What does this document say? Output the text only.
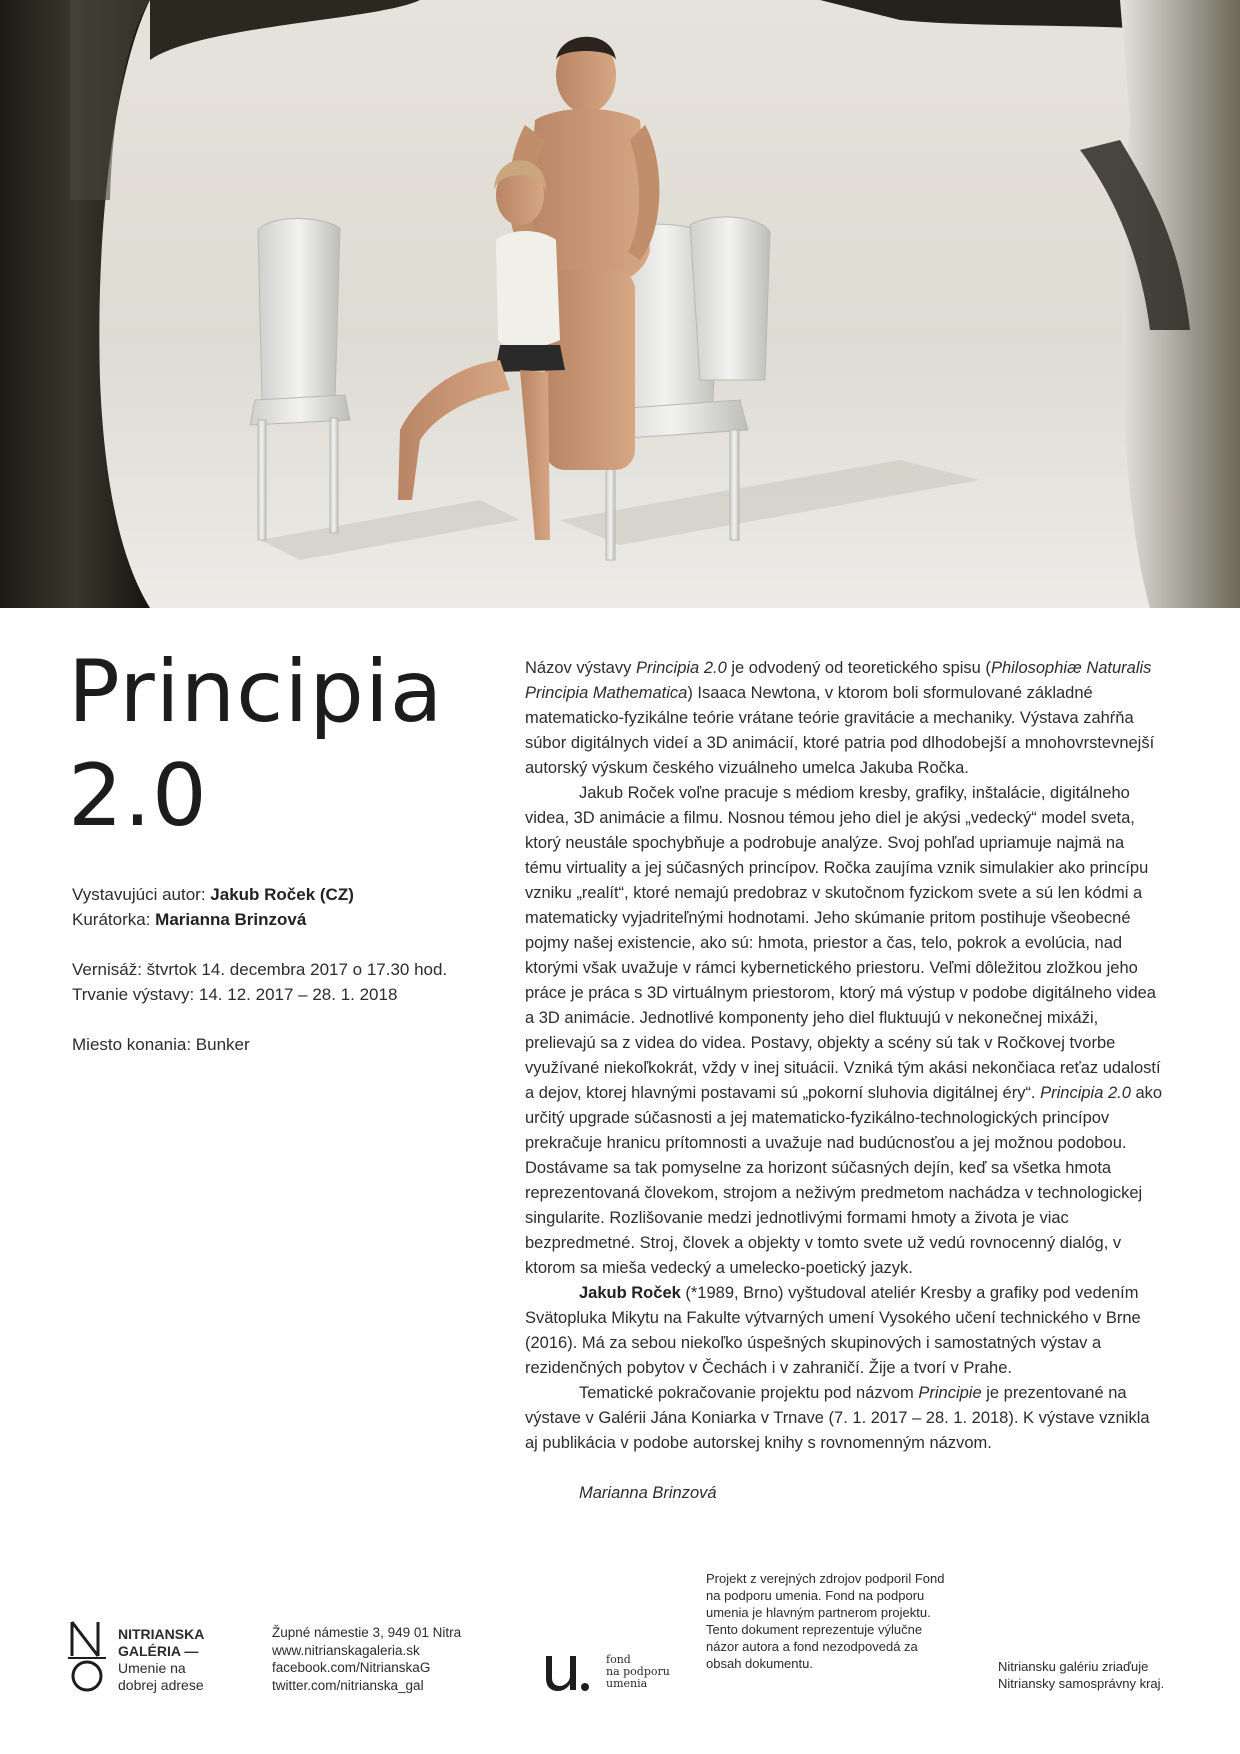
Principia
2.0

Vystavujúci autor: Jakub Roček (CZ)

Kurátorka: Marianna Brinzová

Vernisáž: štvrtok 14. decembra 2017 o 17.30 hod.

Trvanie výstavy: 14. 12. 2017 – 28. 1. 2018

Miesto konania: Bunker

Názov výstavy Principia 2.0 je odvodený od teoretického spisu (Philosophiæ Naturalis Principia Mathematica) Isaaca Newtona, v ktorom boli sformulované základné matematicko-fyzikálne teórie vrátane teórie gravitácie a mechaniky. Výstava zahŕňa súbor digitálnych videí a 3D animácií, ktoré patria pod dlhodobejší a mnohovrstevnejší autorský výskum českého vizuálneho umelca Jakuba Ročka.

Jakub Roček voľne pracuje s médiom kresby, grafiky, inštalácie, digitálneho videa, 3D animácie a filmu. Nosnou témou jeho diel je akýsi „vedecký“ model sveta, ktorý neustále spochybňuje a podrobuje analýze. Svoj pohľad upriamuje najmä na tému virtuality a jej súčasných princípov. Ročka zaujíma vznik simulakier ako princípu vzniku „realít“, ktoré nemajú predobraz v skutočnom fyzickom svete a sú len kódmi a matematicky vyjadriteľnými hodnotami. Jeho skúmanie pritom postihuje všeobecné pojmy našej existencie, ako sú: hmota, priestor a čas, telo, pokrok a evolúcia, nad ktorými však uvažuje v rámci kybernetického priestoru. Veľmi dôležitou zložkou jeho práce je práca s 3D virtuálnym priestorom, ktorý má výstup v podobe digitálneho videa a 3D animácie. Jednotlivé komponenty jeho diel fluktuujú v nekonečnej mixáži, prelievajú sa z videa do videa. Postavy, objekty a scény sú tak v Ročkovej tvorbe využívané niekoľkokrát, vždy v inej situácii. Vzniká tým akási nekončiaca reťaz udalostí a dejov, ktorej hlavnými postavami sú „pokorní sluhovia digitálnej éry“. Principia 2.0 ako určitý upgrade súčasnosti a jej matematicko-fyzikálno-technologických princípov prekračuje hranicu prítomnosti a uvažuje nad budúcnosťou a jej možnou podobou. Dostávame sa tak pomyselne za horizont súčasných dejín, keď sa všetka hmota reprezentovaná človekom, strojom a neživým predmetom nachádza v technologickej singularite. Rozlišovanie medzi jednotlivými formami hmoty a života je viac bezpredmetné. Stroj, človek a objekty v tomto svete už vedú rovnocenný dialóg, v ktorom sa mieša vedecký a umelecko-poetický jazyk.

Jakub Roček (*1989, Brno) vyštudoval ateliér Kresby a grafiky pod vedením Svätopluka Mikytu na Fakulte výtvarných umení Vysokého učení technického v Brne (2016). Má za sebou niekoľko úspešných skupinových i samostatných výstav a rezidenčných pobytov v Čechách i v zahraničí. Žije a tvorí v Prahe.

Tematické pokračovanie projektu pod názvom Principie je prezentované na výstave v Galérii Jána Koniarka v Trnave (7. 1. 2017 – 28. 1. 2018). K výstave vznikla aj publikácia v podobe autorskej knihy s rovnomenným názvom.

Marianna Brinzová

NITRIANSKA
GALÉRIA —
Umenie na
dobrej adrese
Župné námestie 3, 949 01 Nitra
www.nitrianskagaleria.sk
facebook.com/NitrianskaG
twitter.com/nitrianska_gal
fond
na podporu
umenia
Projekt z verejných zdrojov podporil Fond na podporu umenia. Fond na podporu umenia je hlavným partnerom projektu. Tento dokument reprezentuje výlučne názor autora a fond nezodpovedá za obsah dokumentu.	Nitriansku galériu zriaďuje Nitriansky samosprávny kraj.
